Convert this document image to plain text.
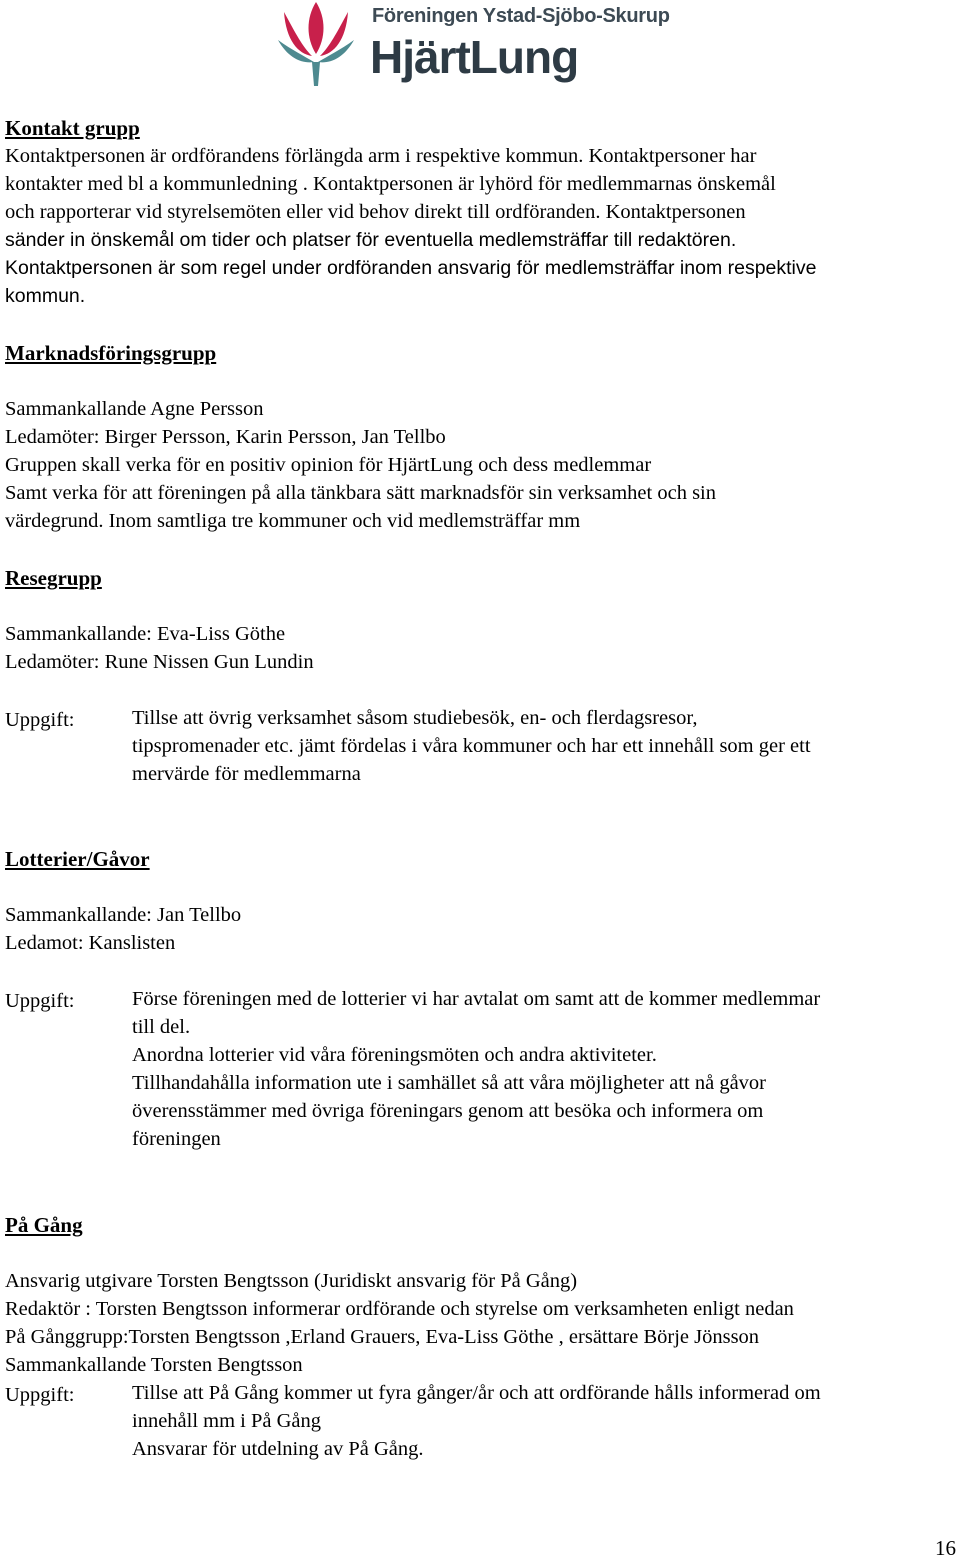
Föreningen Ystad-Sjöbo-Skurup
HjärtLung
Kontakt grupp
Kontaktpersonen är ordförandens förlängda arm i respektive kommun. Kontaktpersoner har
kontakter med bl a kommunledning . Kontaktpersonen är lyhörd för medlemmarnas önskemål
och rapporterar vid styrelsemöten eller vid behov direkt till ordföranden. Kontaktpersonen
sänder in önskemål om tider och platser för eventuella medlemsträffar till redaktören.
Kontaktpersonen är som regel under ordföranden ansvarig för medlemsträffar inom respektive
kommun.
Marknadsföringsgrupp
Sammankallande Agne Persson
Ledamöter: Birger Persson, Karin Persson, Jan Tellbo
Gruppen skall verka för en positiv opinion för HjärtLung och dess medlemmar
Samt verka för att föreningen på alla tänkbara sätt marknadsför sin verksamhet och sin
värdegrund. Inom samtliga tre kommuner och vid medlemsträffar mm
Resegrupp
Sammankallande: Eva-Liss Göthe
Ledamöter: Rune Nissen Gun Lundin
Uppgift:	Tillse att övrig verksamhet såsom studiebesök, en- och flerdagsresor,
tipspromenader etc. jämt fördelas i våra kommuner och har ett innehåll som ger ett
mervärde för medlemmarna
Lotterier/Gåvor
Sammankallande: Jan Tellbo
Ledamot: Kanslisten
Uppgift:	Förse föreningen med de lotterier vi har avtalat om samt att de kommer medlemmar
till del.
Anordna lotterier vid våra föreningsmöten och andra aktiviteter.
Tillhandahålla information ute i samhället så att våra möjligheter att nå gåvor
överensstämmer med övriga föreningars genom att besöka och informera om
föreningen
På Gång
Ansvarig utgivare Torsten Bengtsson (Juridiskt ansvarig för På Gång)
Redaktör : Torsten Bengtsson informerar ordförande och styrelse om verksamheten enligt nedan
På Gånggrupp:Torsten Bengtsson ,Erland Grauers, Eva-Liss Göthe , ersättare Börje Jönsson
Sammankallande Torsten Bengtsson
Uppgift:	Tillse att På Gång kommer ut fyra gånger/år och att ordförande hålls informerad om
innehåll mm i På Gång
Ansvarar för utdelning av På Gång.
16
